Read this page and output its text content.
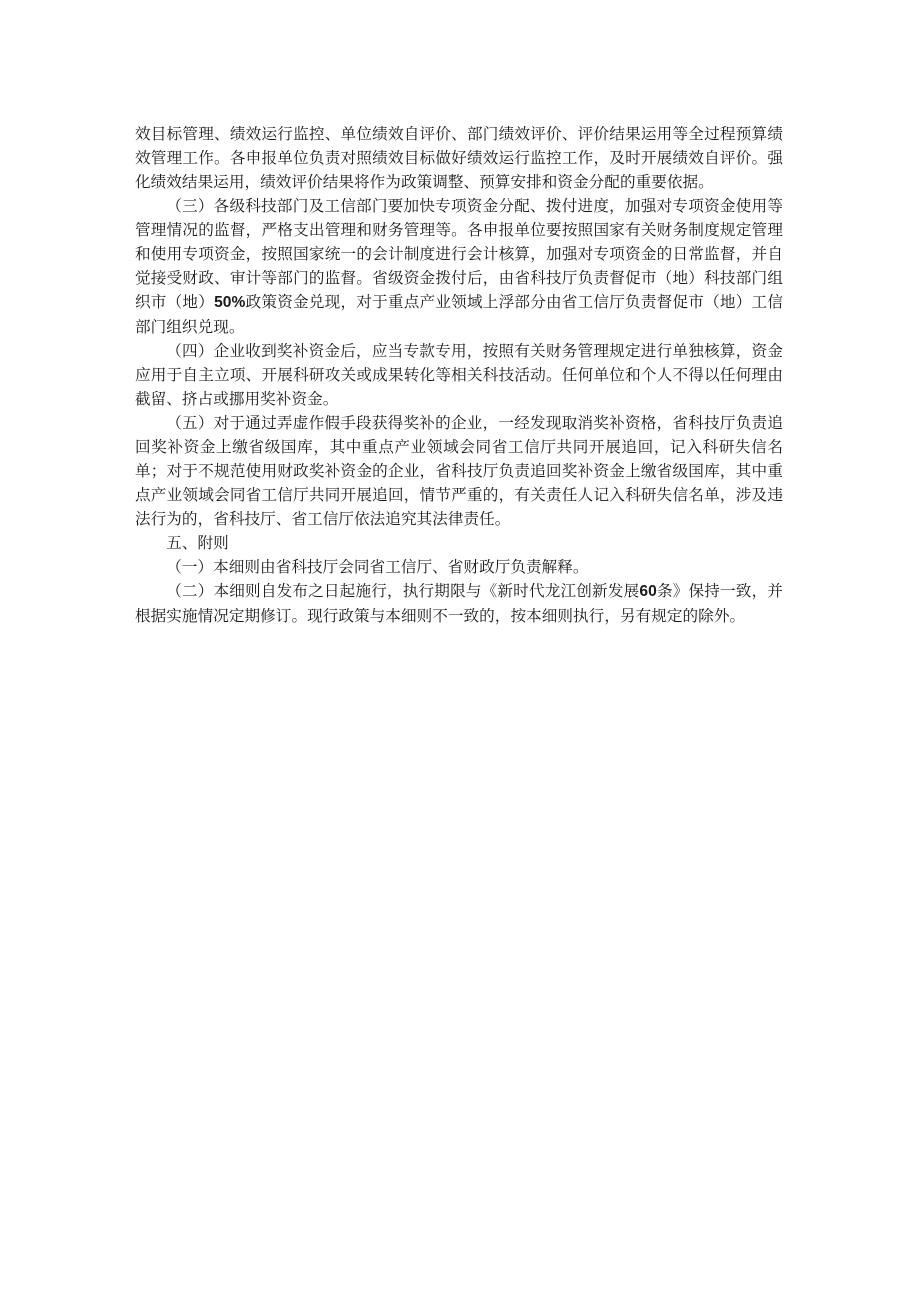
效目标管理、绩效运行监控、单位绩效自评价、部门绩效评价、评价结果运用等全过程预算绩效管理工作。各申报单位负责对照绩效目标做好绩效运行监控工作，及时开展绩效自评价。强化绩效结果运用，绩效评价结果将作为政策调整、预算安排和资金分配的重要依据。

（三）各级科技部门及工信部门要加快专项资金分配、拨付进度，加强对专项资金使用等管理情况的监督，严格支出管理和财务管理等。各申报单位要按照国家有关财务制度规定管理和使用专项资金，按照国家统一的会计制度进行会计核算，加强对专项资金的日常监督，并自觉接受财政、审计等部门的监督。省级资金拨付后，由省科技厅负责督促市（地）科技部门组织市（地）50%政策资金兑现，对于重点产业领域上浮部分由省工信厅负责督促市（地）工信部门组织兑现。

（四）企业收到奖补资金后，应当专款专用，按照有关财务管理规定进行单独核算，资金应用于自主立项、开展科研攻关或成果转化等相关科技活动。任何单位和个人不得以任何理由截留、挤占或挪用奖补资金。

（五）对于通过弄虚作假手段获得奖补的企业，一经发现取消奖补资格，省科技厅负责追回奖补资金上缴省级国库，其中重点产业领域会同省工信厅共同开展追回，记入科研失信名单；对于不规范使用财政奖补资金的企业，省科技厅负责追回奖补资金上缴省级国库，其中重点产业领域会同省工信厅共同开展追回，情节严重的，有关责任人记入科研失信名单，涉及违法行为的，省科技厅、省工信厅依法追究其法律责任。

五、附则

（一）本细则由省科技厅会同省工信厅、省财政厅负责解释。

（二）本细则自发布之日起施行，执行期限与《新时代龙江创新发展60条》保持一致，并根据实施情况定期修订。现行政策与本细则不一致的，按本细则执行，另有规定的除外。
